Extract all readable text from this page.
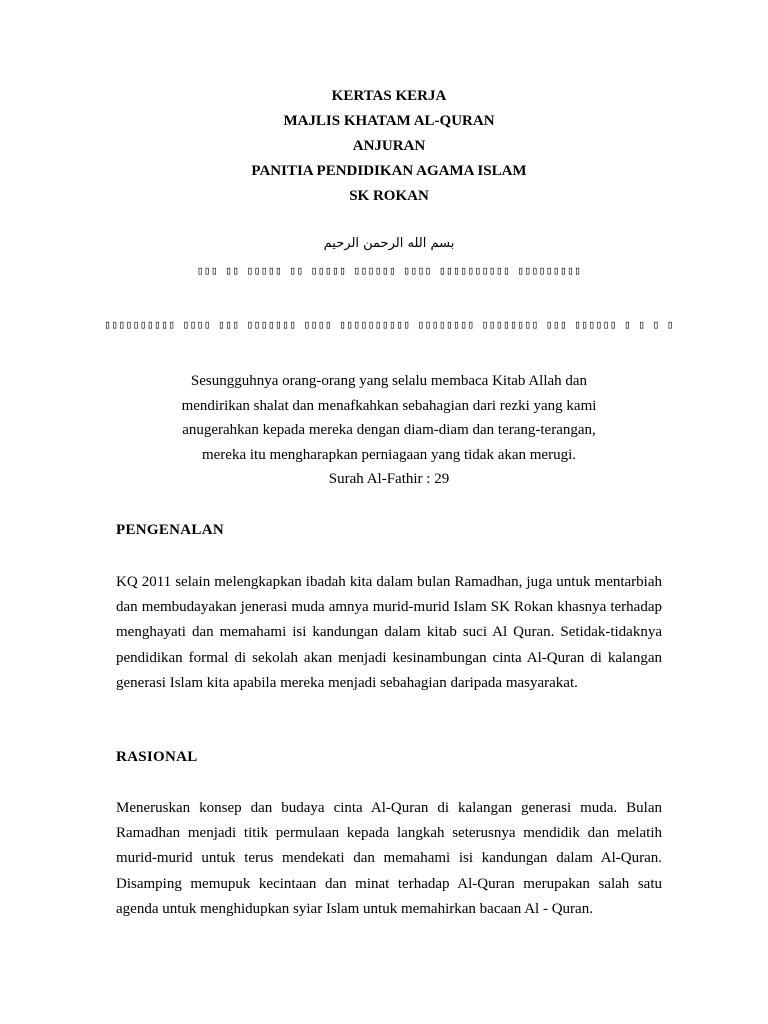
KERTAS KERJA
MAJLIS KHATAM AL-QURAN
ANJURAN
PANITIA PENDIDIKAN AGAMA ISLAM
SK ROKAN
بسم الله الرحمن الرحيم
▯▯▯ ▯▯ ▯▯▯▯▯ ▯▯ ▯▯▯▯▯ ▯▯▯▯▯▯ ▯▯▯▯ ▯▯▯▯▯▯▯▯▯▯ ▯▯▯▯▯▯▯▯▯
▯▯▯▯▯▯▯▯▯▯ ▯▯▯▯ ▯▯▯ ▯▯▯▯▯▯▯ ▯▯▯▯ ▯▯▯▯▯▯▯▯▯▯ ▯▯▯▯▯▯▯▯ ▯▯▯▯▯▯▯▯ ▯▯▯ ▯▯▯▯▯▯ ▯ ▯ ▯ ▯
Sesungguhnya orang-orang yang selalu membaca Kitab Allah dan
mendirikan shalat dan menafkahkan sebahagian dari rezki yang kami
anugerahkan kepada mereka dengan diam-diam dan terang-terangan,
mereka itu mengharapkan perniagaan yang tidak akan merugi.
Surah Al-Fathir : 29
PENGENALAN

KQ 2011 selain melengkapkan ibadah kita dalam bulan Ramadhan, juga untuk mentarbiah dan membudayakan jenerasi muda amnya murid-murid Islam SK Rokan khasnya terhadap menghayati dan memahami isi kandungan dalam kitab suci Al Quran. Setidak-tidaknya pendidikan formal di sekolah akan menjadi kesinambungan cinta Al-Quran di kalangan generasi Islam kita apabila mereka menjadi sebahagian daripada masyarakat.

RASIONAL

Meneruskan konsep dan budaya cinta Al-Quran di kalangan generasi muda. Bulan Ramadhan menjadi titik permulaan kepada langkah seterusnya mendidik dan melatih murid-murid untuk terus mendekati dan memahami isi kandungan dalam Al-Quran. Disamping memupuk kecintaan dan minat terhadap Al-Quran merupakan salah satu agenda untuk menghidupkan syiar Islam untuk memahirkan bacaan Al - Quran.
